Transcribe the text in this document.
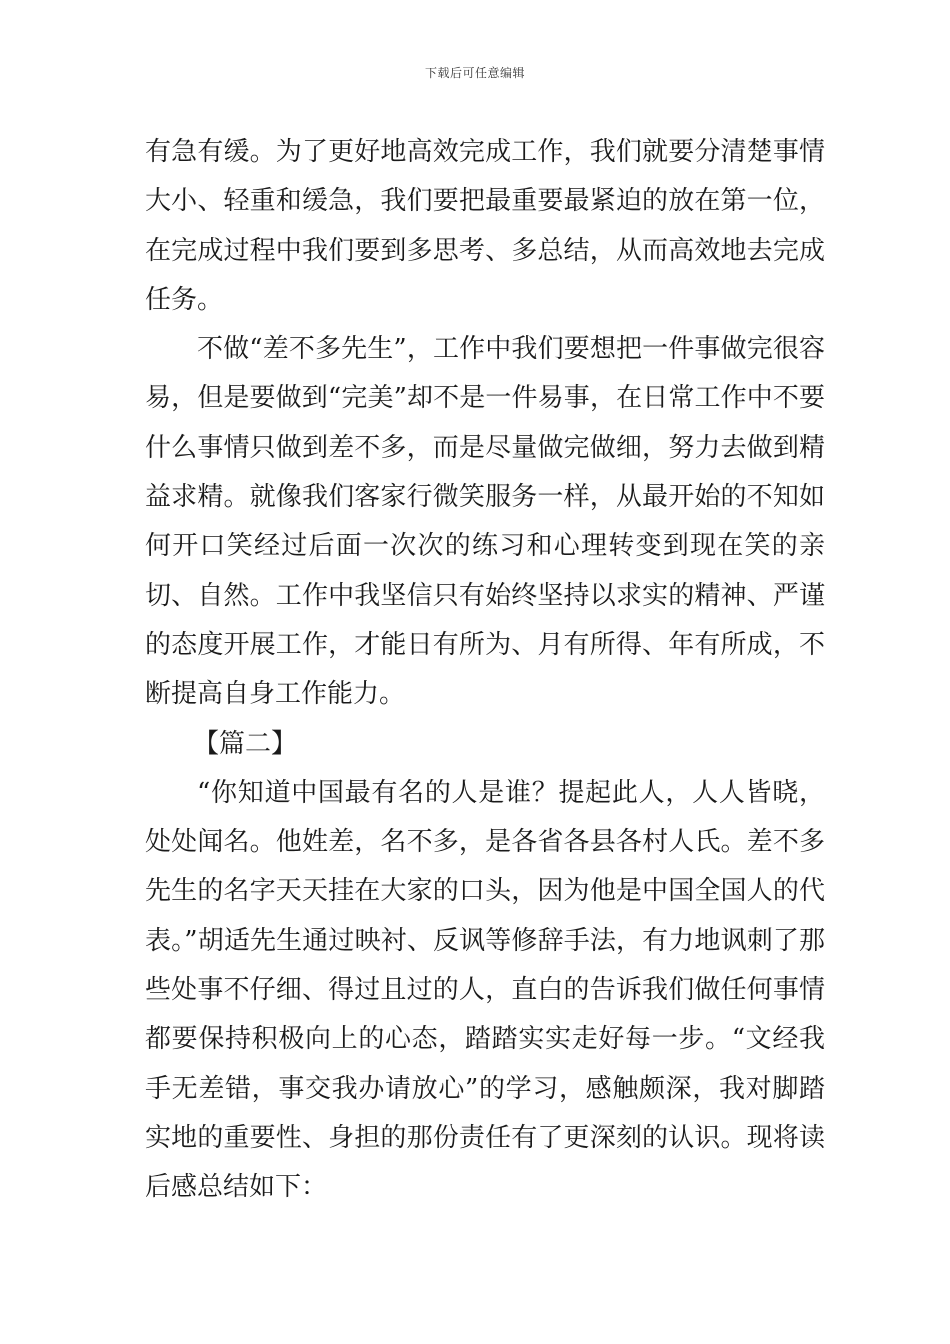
下载后可任意编辑

有急有缓。为了更好地高效完成工作，我们就要分清楚事情大小、轻重和缓急，我们要把最重要最紧迫的放在第一位，在完成过程中我们要到多思考、多总结，从而高效地去完成任务。

不做“差不多先生”，工作中我们要想把一件事做完很容易，但是要做到“完美”却不是一件易事，在日常工作中不要什么事情只做到差不多，而是尽量做完做细，努力去做到精益求精。就像我们客家行微笑服务一样，从最开始的不知如何开口笑经过后面一次次的练习和心理转变到现在笑的亲切、自然。工作中我坚信只有始终坚持以求实的精神、严谨的态度开展工作，才能日有所为、月有所得、年有所成，不断提高自身工作能力。

【篇二】

“你知道中国最有名的人是谁？提起此人，人人皆晓，处处闻名。他姓差，名不多，是各省各县各村人氏。差不多先生的名字天天挂在大家的口头，因为他是中国全国人的代表。”胡适先生通过映衬、反讽等修辞手法，有力地讽刺了那些处事不仔细、得过且过的人，直白的告诉我们做任何事情都要保持积极向上的心态，踏踏实实走好每一步。“文经我手无差错，事交我办请放心”的学习，感触颇深，我对脚踏实地的重要性、身担的那份责任有了更深刻的认识。现将读后感总结如下：
